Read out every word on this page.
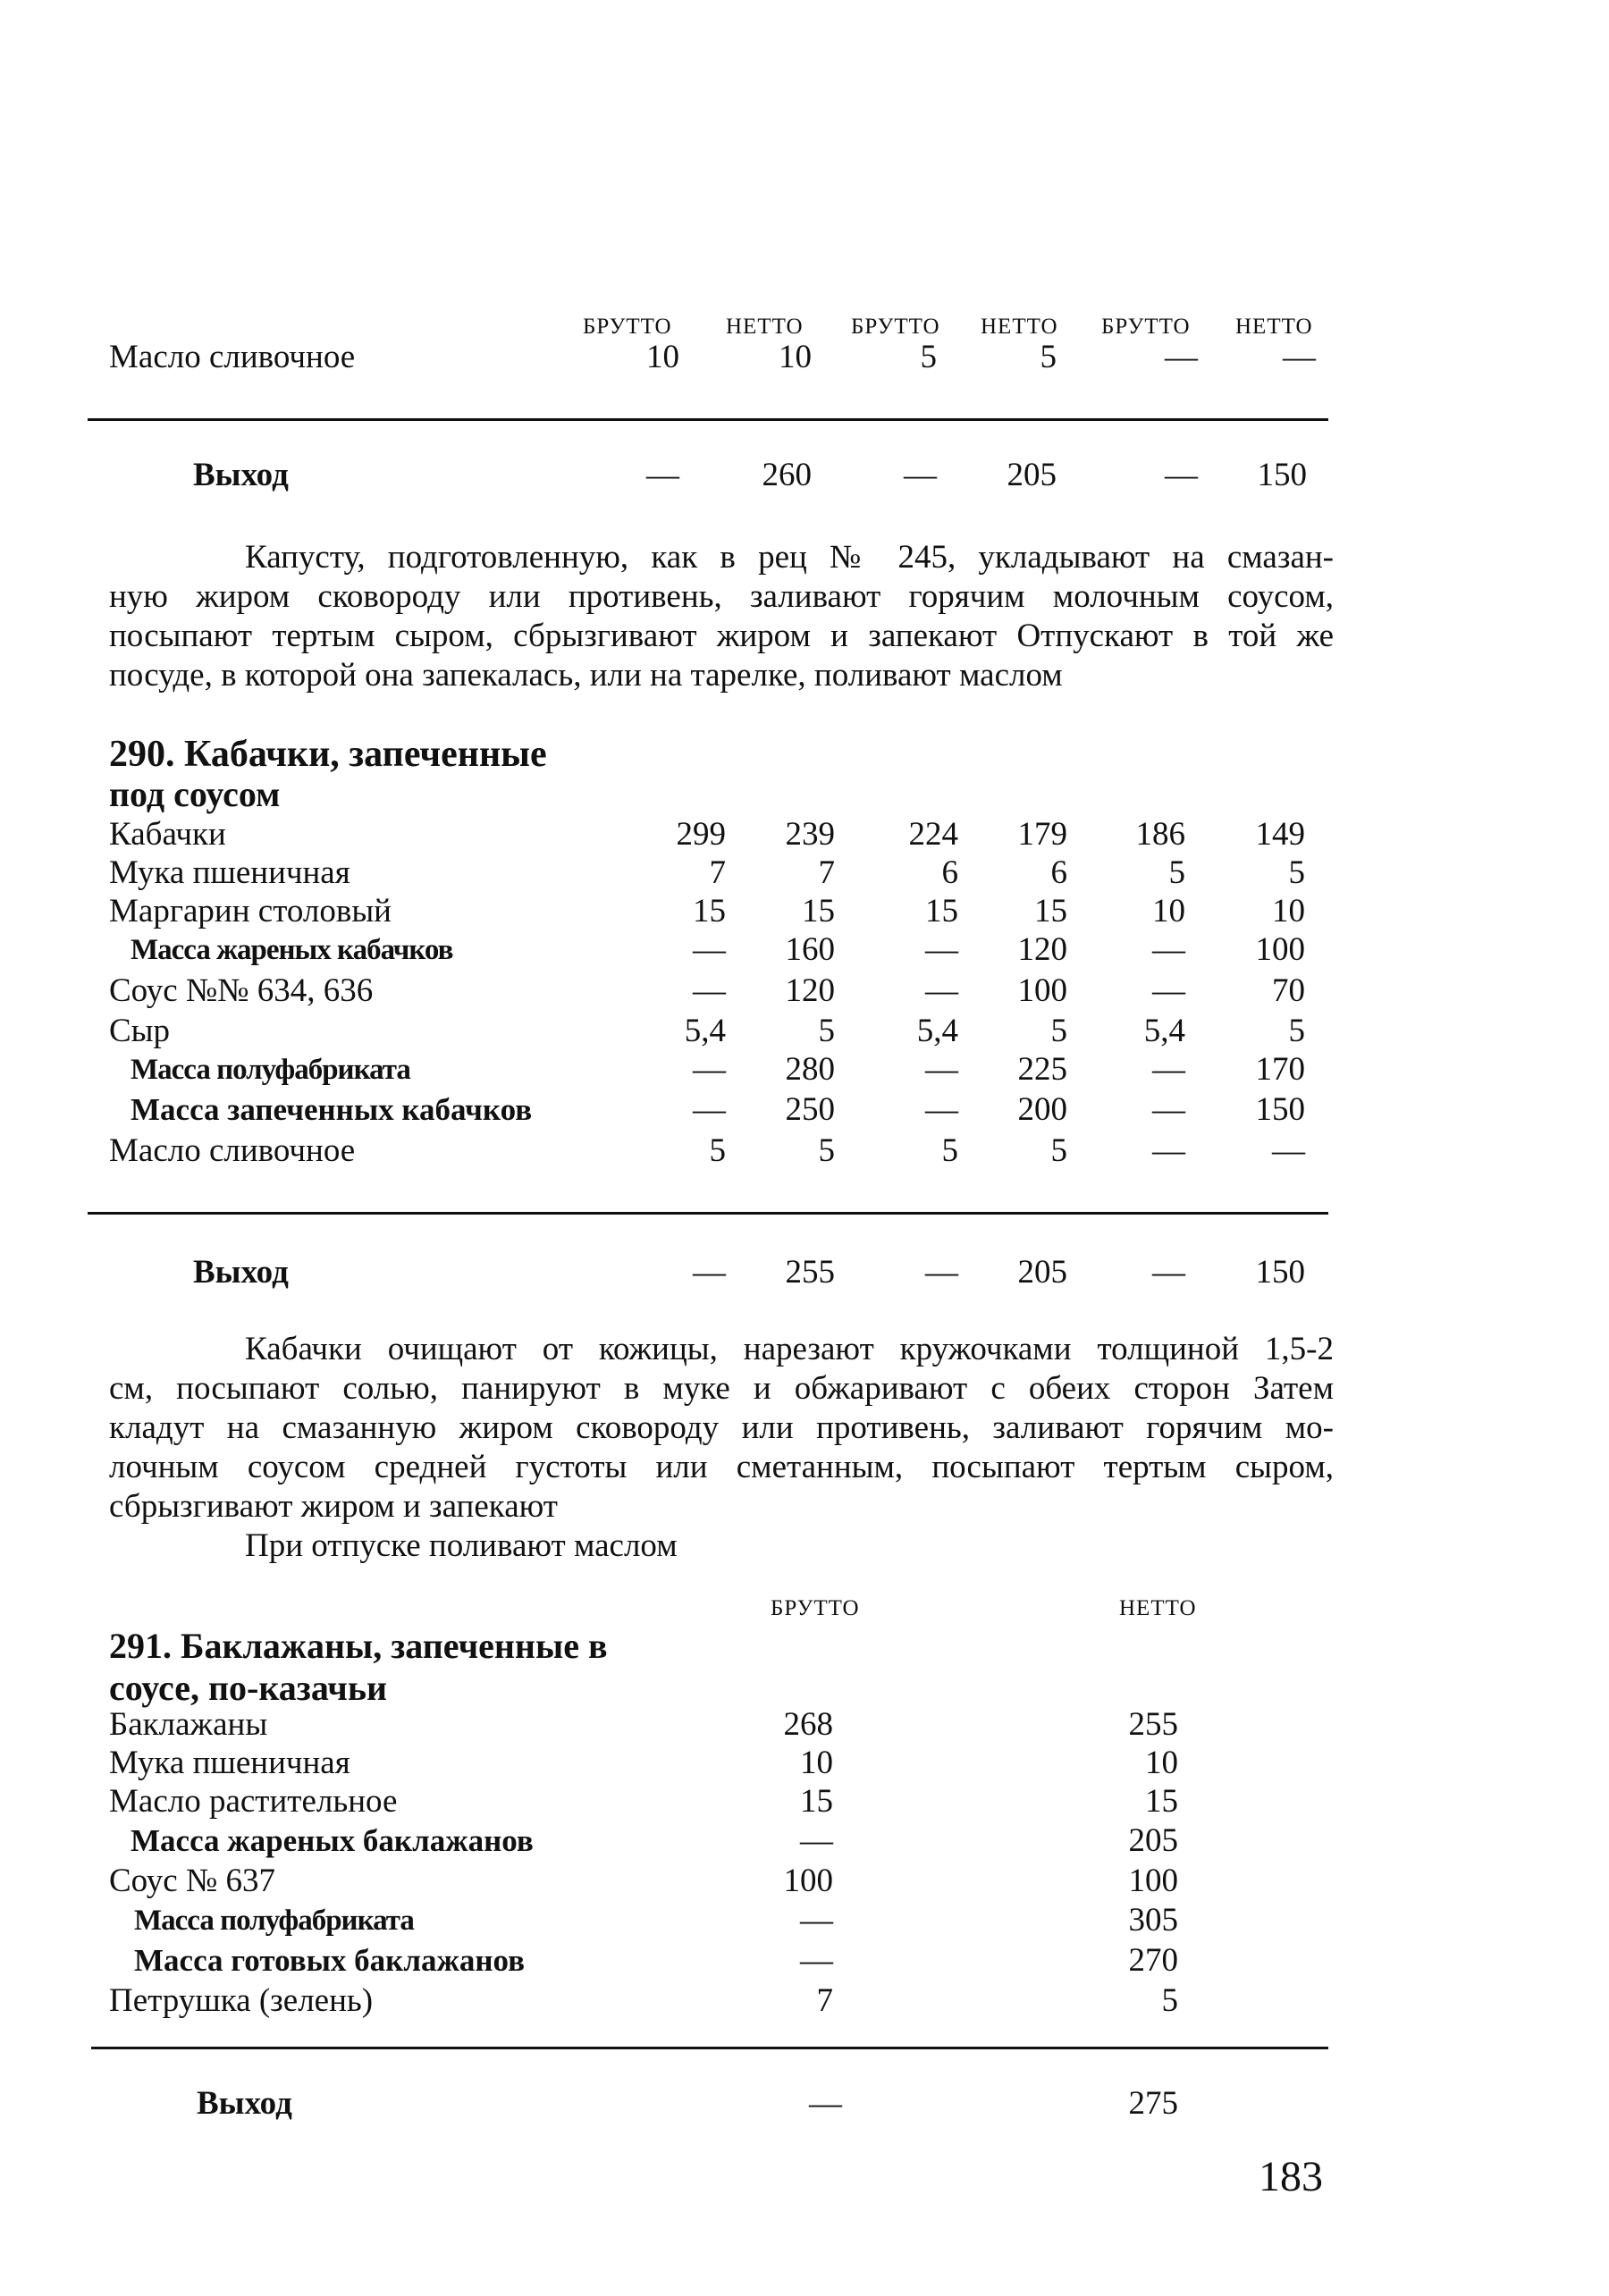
БРУТТО НЕТТО БРУТТО НЕТТО БРУТТО НЕТТО
Масло сливочное	10	10	5	5	—	—
Выход	—	260	—	205	—	150
Капусту, подготовленную, как в рец № 245, укладывают на смазан-
ную жиром сковороду или противень, заливают горячим молочным соусом,
посыпают тертым сыром, сбрызгивают жиром и запекают Отпускают в той же
посуде, в которой она запекалась, или на тарелке, поливают маслом
290. Кабачки, запеченные
под соусом
Кабачки	299	239	224	179	186	149
Мука пшеничная	7	7	6	6	5	5
Маргарин столовый	15	15	15	15	10	10
Масса жареных кабачков	—	160	—	120	—	100
Соус №№ 634, 636	—	120	—	100	—	70
Сыр	5,4	5	5,4	5	5,4	5
Масса полуфабриката	—	280	—	225	—	170
Масса запеченных кабачков	—	250	—	200	—	150
Масло сливочное	5	5	5	5	—	—
Выход	—	255	—	205	—	150
Кабачки очищают от кожицы, нарезают кружочками толщиной 1,5-2
см, посыпают солью, панируют в муке и обжаривают с обеих сторон Затем
кладут на смазанную жиром сковороду или противень, заливают горячим мо-
лочным соусом средней густоты или сметанным, посыпают тертым сыром,
сбрызгивают жиром и запекают
При отпуске поливают маслом
БРУТТО	НЕТТО
291. Баклажаны, запеченные в
соусе, по-казачьи
Баклажаны	268	255
Мука пшеничная	10	10
Масло растительное	15	15
Масса жареных баклажанов	—	205
Соус № 637	100	100
Масса полуфабриката	—	305
Масса готовых баклажанов	—	270
Петрушка (зелень)	7	5
Выход	—	275
183
